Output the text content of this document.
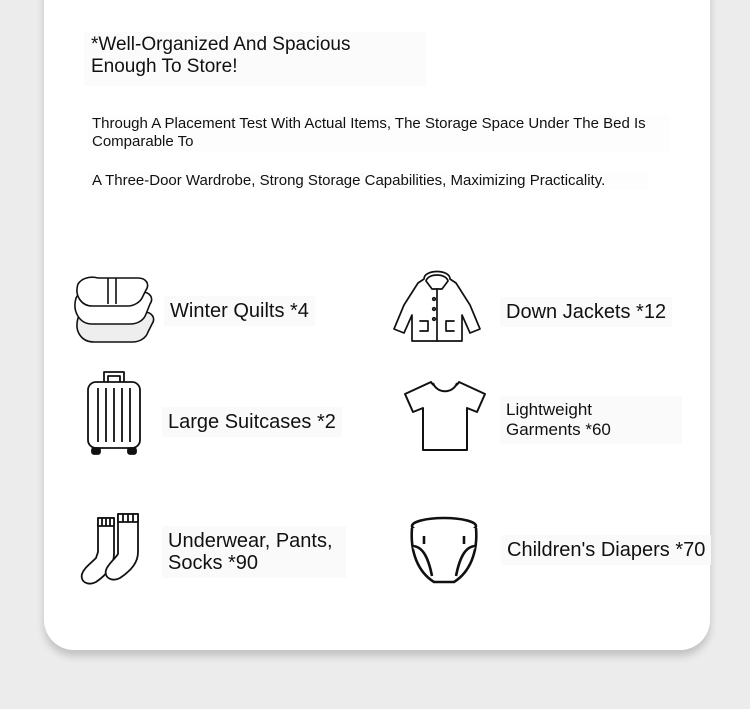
*Well-Organized And Spacious
Enough To Store!
Through A Placement Test With Actual Items, The Storage Space Under The Bed Is Comparable To
A Three-Door Wardrobe, Strong Storage Capabilities, Maximizing Practicality.
Winter Quilts *4	Down Jackets *12
Large Suitcases *2
Lightweight
Garments *60
Underwear, Pants,
Socks *90
Children's Diapers *70
